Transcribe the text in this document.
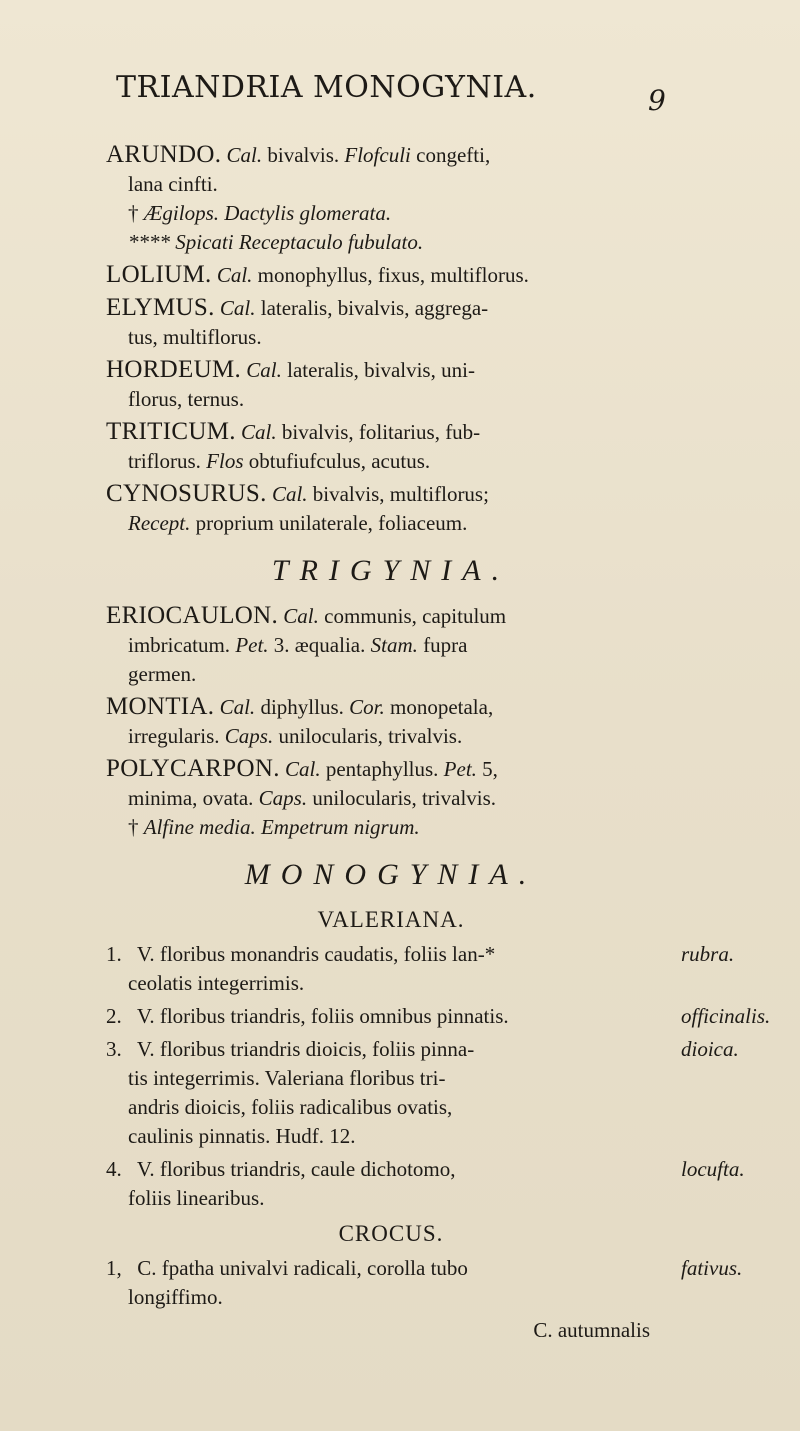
TRIANDRIA MONOGYNIA.	9
ARUNDO. Cal. bivalvis. Flofculi congefti,
lana cinfti.
† Ægilops. Dactylis glomerata.
**** Spicati Receptaculo fubulato.
LOLIUM. Cal. monophyllus, fixus, multiflorus.
ELYMUS. Cal. lateralis, bivalvis, aggrega-
tus, multiflorus.
HORDEUM. Cal. lateralis, bivalvis, uni-
florus, ternus.
TRITICUM. Cal. bivalvis, folitarius, fub-
triflorus. Flos obtufiufculus, acutus.
CYNOSURUS. Cal. bivalvis, multiflorus;
Recept. proprium unilaterale, foliaceum.
TRIGYNIA.
ERIOCAULON. Cal. communis, capitulum
imbricatum. Pet. 3. æqualia. Stam. fupra
germen.
MONTIA. Cal. diphyllus. Cor. monopetala,
irregularis. Caps. unilocularis, trivalvis.
POLYCARPON. Cal. pentaphyllus. Pet. 5,
minima, ovata. Caps. unilocularis, trivalvis.
† Alfine media. Empetrum nigrum.
MONOGYNIA.
VALERIANA.
1. V. floribus monandris caudatis, foliis lan-*
ceolatis integerrimis.
rubra.
2. V. floribus triandris, foliis omnibus pinnatis.	officinalis.
3. V. floribus triandris dioicis, foliis pinna-
tis integerrimis. Valeriana floribus tri-
andris dioicis, foliis radicalibus ovatis,
caulinis pinnatis. Hudf. 12.
dioica.
4. V. floribus triandris, caule dichotomo,
foliis linearibus.
locufta.
CROCUS.
1, C. fpatha univalvi radicali, corolla tubo
longiffimo.
fativus.
C. autumnalis
